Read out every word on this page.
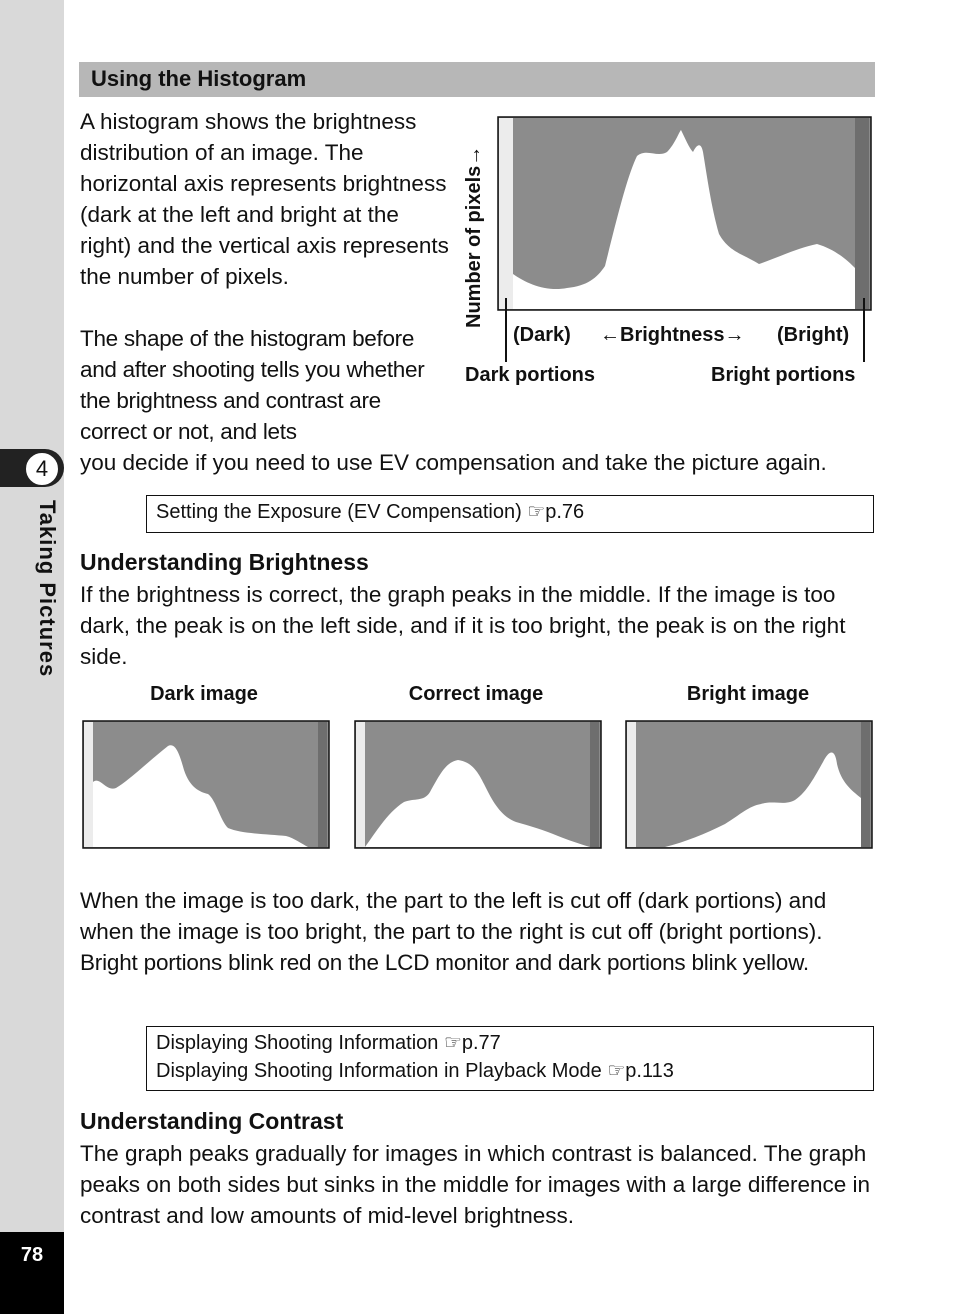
4
Taking Pictures
78
Using the Histogram
A histogram shows the brightness distribution of an image. The horizontal axis represents brightness (dark at the left and bright at the right) and the vertical axis represents the number of pixels.
The shape of the histogram before and after shooting tells you whether the brightness and contrast are correct or not, and lets
you decide if you need to use EV compensation and take the picture again.
Number of pixels→
(Dark) ←Brightness→ (Bright)
Dark portions	Bright portions
Setting the Exposure (EV Compensation) ☞p.76
Understanding Brightness
If the brightness is correct, the graph peaks in the middle. If the image is too dark, the peak is on the left side, and if it is too bright, the peak is on the right side.
Dark image	Correct image	Bright image
When the image is too dark, the part to the left is cut off (dark portions) and when the image is too bright, the part to the right is cut off (bright portions).
Bright portions blink red on the LCD monitor and dark portions blink yellow.
Displaying Shooting Information ☞p.77
Displaying Shooting Information in Playback Mode ☞p.113
Understanding Contrast
The graph peaks gradually for images in which contrast is balanced. The graph peaks on both sides but sinks in the middle for images with a large difference in contrast and low amounts of mid-level brightness.
